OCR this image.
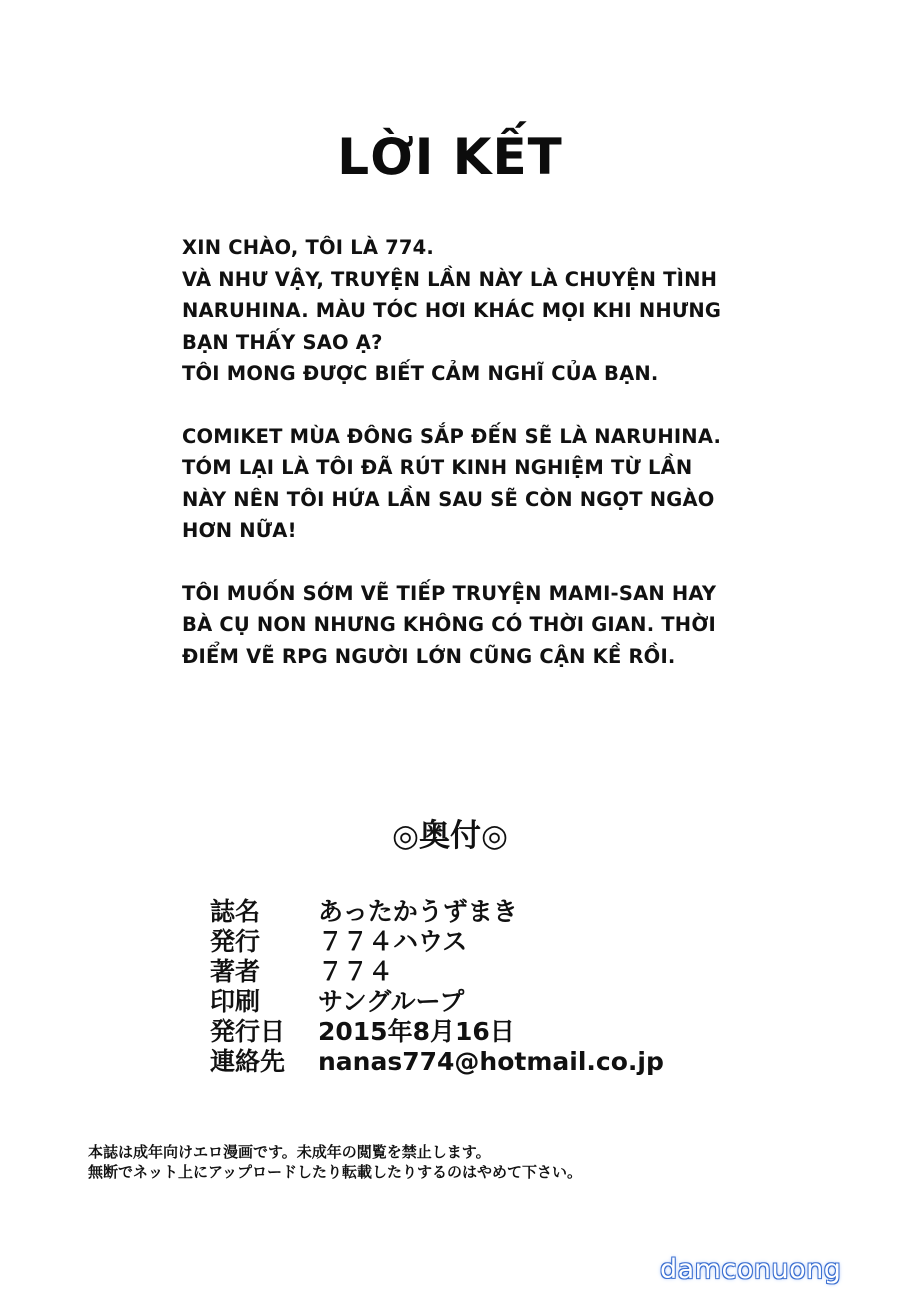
LỜI KẾT

XIN CHÀO, TÔI LÀ 774.
VÀ NHƯ VẬY, TRUYỆN LẦN NÀY LÀ CHUYỆN TÌNH
NARUHINA. MÀU TÓC HƠI KHÁC MỌI KHI NHƯNG
BẠN THẤY SAO Ạ?
TÔI MONG ĐƯỢC BIẾT CẢM NGHĨ CỦA BẠN.

COMIKET MÙA ĐÔNG SẮP ĐẾN SẼ LÀ NARUHINA.
TÓM LẠI LÀ TÔI ĐÃ RÚT KINH NGHIỆM TỪ LẦN
NÀY NÊN TÔI HỨA LẦN SAU SẼ CÒN NGỌT NGÀO
HƠN NỮA!

TÔI MUỐN SỚM VẼ TIẾP TRUYỆN MAMI-SAN HAY
BÀ CỤ NON NHƯNG KHÔNG CÓ THỜI GIAN. THỜI
ĐIỂM VẼ RPG NGƯỜI LỚN CŨNG CẬN KỀ RỒI.

◎奥付◎
誌名	あったかうずまき
発行	７７４ハウス
著者	７７４
印刷	サングループ
発行日	2015年8月16日
連絡先	nanas774@hotmail.co.jp
本誌は成年向けエロ漫画です。未成年の閲覧を禁止します。
無断でネット上にアップロードしたり転載したりするのはやめて下さい。
damconuong
